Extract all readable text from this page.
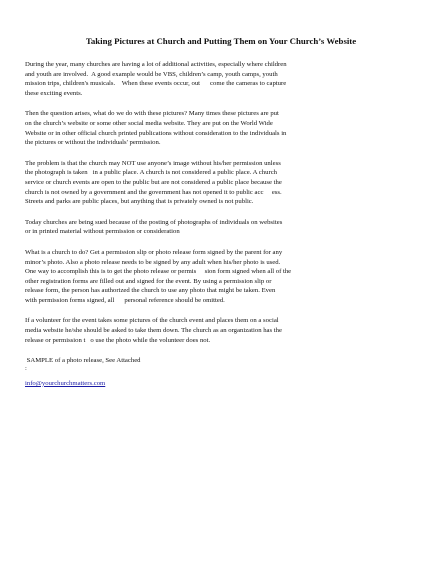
Taking Pictures at Church and Putting Them on Your Church’s Website
During the year, many churches are having a lot of additional activities, especially where children
and youth are involved.  A good example would be VBS, children’s camp, youth camps, youth
mission trips, children's musicals.    When these events occur, out      come the cameras to capture
these exciting events.
Then the question arises, what do we do with these pictures? Many times these pictures are put
on the church’s website or some other social media website. They are put on the World Wide
Website or in other official church printed publications without consideration to the individuals in
the pictures or without the individuals' permission.
The problem is that the church may NOT use anyone’s image without his/her permission unless
the photograph is taken   in a public place. A church is not considered a public place. A church
service or church events are open to the public but are not considered a public place because the
church is not owned by a government and the government has not opened it to public acc     ess.
Streets and parks are public places, but anything that is privately owned is not public.
Today churches are being sued because of the posting of photographs of individuals on websites
or in printed material without permission or consideration
What is a church to do? Get a permission slip or photo release form signed by the parent for any
minor’s photo. Also a photo release needs to be signed by any adult when his/her photo is used.
One way to accomplish this is to get the photo release or permis     sion form signed when all of the
other registration forms are filled out and signed for the event. By using a permission slip or
release form, the person has authorized the church to use any photo that might be taken. Even
with permission forms signed, all      personal reference should be omitted.
If a volunteer for the event takes some pictures of the church event and places them on a social
media website he/she should be asked to take them down. The church as an organization has the
release or permission t   o use the photo while the volunteer does not.
SAMPLE of a photo release, See Attached
:
info@yourchurchmatters.com
